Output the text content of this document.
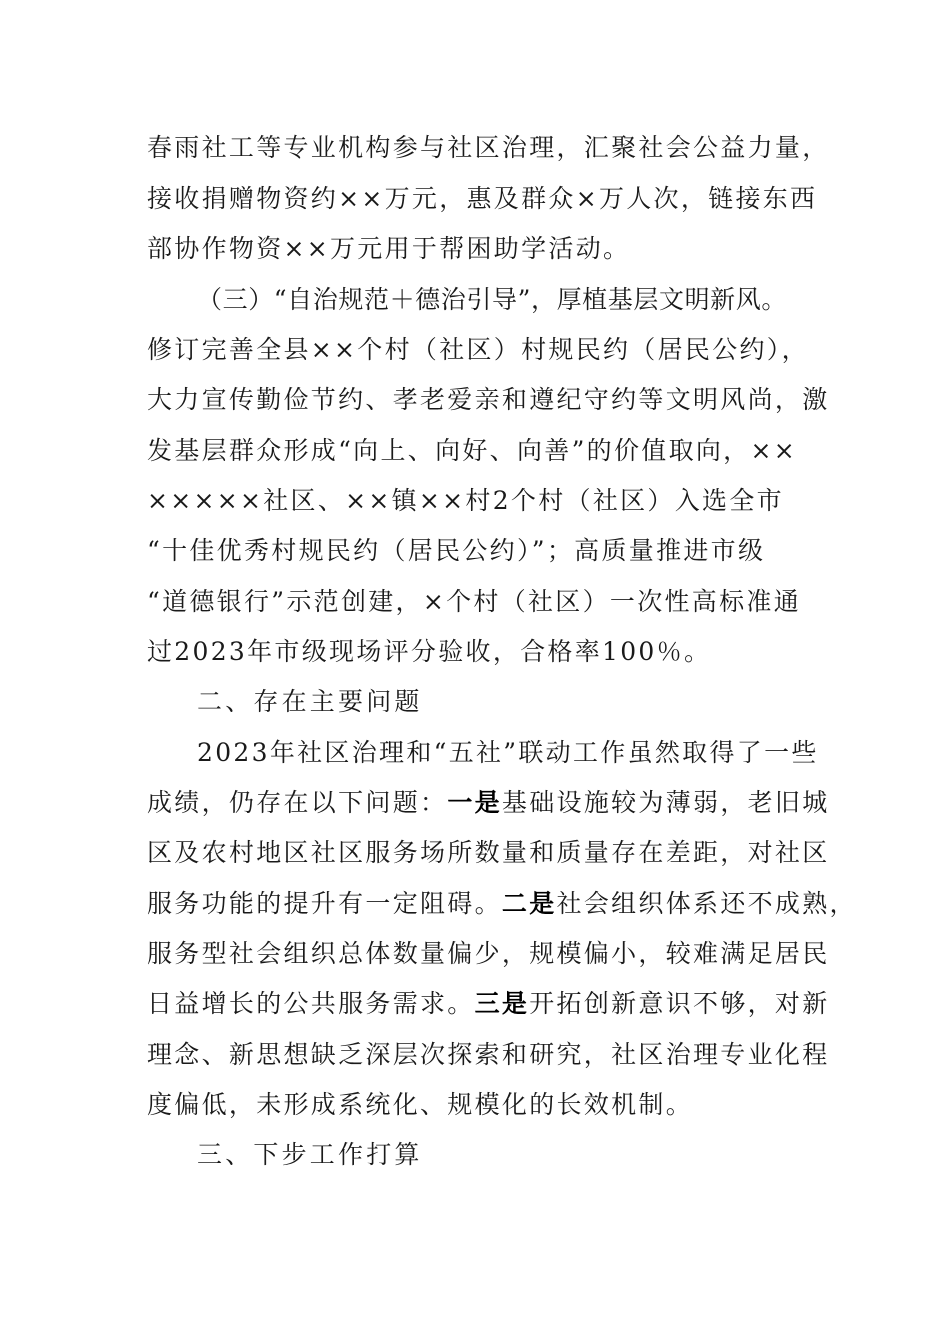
春雨社工等专业机构参与社区治理，汇聚社会公益力量，
接收捐赠物资约××万元，惠及群众×万人次，链接东西
部协作物资××万元用于帮困助学活动。
（三）“自治规范＋德治引导”，厚植基层文明新风。
修订完善全县××个村（社区）村规民约（居民公约），
大力宣传勤俭节约、孝老爱亲和遵纪守约等文明风尚，激
发基层群众形成“向上、向好、向善”的价值取向，××
×××××社区、××镇××村2个村（社区）入选全市
“十佳优秀村规民约（居民公约）”；高质量推进市级
“道德银行”示范创建，×个村（社区）一次性高标准通
过2023年市级现场评分验收，合格率100％。
二、存在主要问题
2023年社区治理和“五社”联动工作虽然取得了一些
成绩，仍存在以下问题：一是基础设施较为薄弱，老旧城
区及农村地区社区服务场所数量和质量存在差距，对社区
服务功能的提升有一定阻碍。二是社会组织体系还不成熟，
服务型社会组织总体数量偏少，规模偏小，较难满足居民
日益增长的公共服务需求。三是开拓创新意识不够，对新
理念、新思想缺乏深层次探索和研究，社区治理专业化程
度偏低，未形成系统化、规模化的长效机制。
三、下步工作打算
